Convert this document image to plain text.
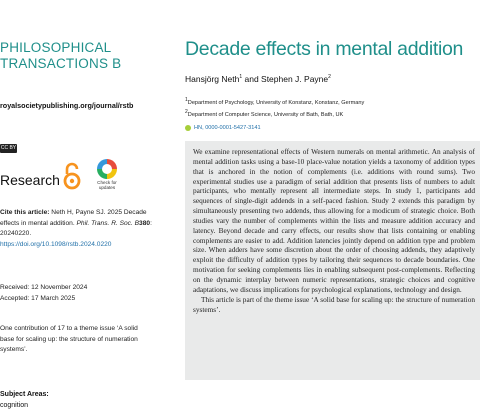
PHILOSOPHICAL
TRANSACTIONS B
royalsocietypublishing.org/journal/rstb
CC BY
Research	Check for
updates
Cite this article: Neth H, Payne SJ. 2025 Decade effects in mental addition. Phil. Trans. R. Soc. B380: 20240220.
https://doi.org/10.1098/rstb.2024.0220
Received: 12 November 2024
Accepted: 17 March 2025
One contribution of 17 to a theme issue ‘A solid base for scaling up: the structure of numeration systems’.
Subject Areas:
cognition
Decade effects in mental addition
Hansjörg Neth$^1$ and Stephen J. Payne$^2$
$^1$Department of Psychology, University of Konstanz, Konstanz, Germany
$^2$Department of Computer Science, University of Bath, Bath, UK
HN, 0000-0001-5427-3141

We examine representational effects of Western numerals on mental arithmetic. An analysis of mental addition tasks using a base-10 place-value notation yields a taxonomy of addition types that is anchored in the notion of complements (i.e. additions with round sums). Two experimental studies use a paradigm of serial addition that presents lists of numbers to adult participants, who mentally represent all intermediate steps. In study 1, participants add sequences of single-digit addends in a self-paced fashion. Study 2 extends this paradigm by simultaneously presenting two addends, thus allowing for a modicum of strategic choice. Both studies vary the number of complements within the lists and measure addition accuracy and latency. Beyond decade and carry effects, our results show that lists containing or enabling complements are easier to add. Addition latencies jointly depend on addition type and problem size. When adders have some discretion about the order of choosing addends, they adaptively exploit the difficulty of addition types by tailoring their sequences to decade boundaries. One motivation for seeking complements lies in enabling subsequent post-complements. Reflecting on the dynamic interplay between numeric representations, strategic choices and cognitive adaptations, we discuss implications for psychological explanations, technology and design.
This article is part of the theme issue ‘A solid base for scaling up: the structure of numeration systems’.
